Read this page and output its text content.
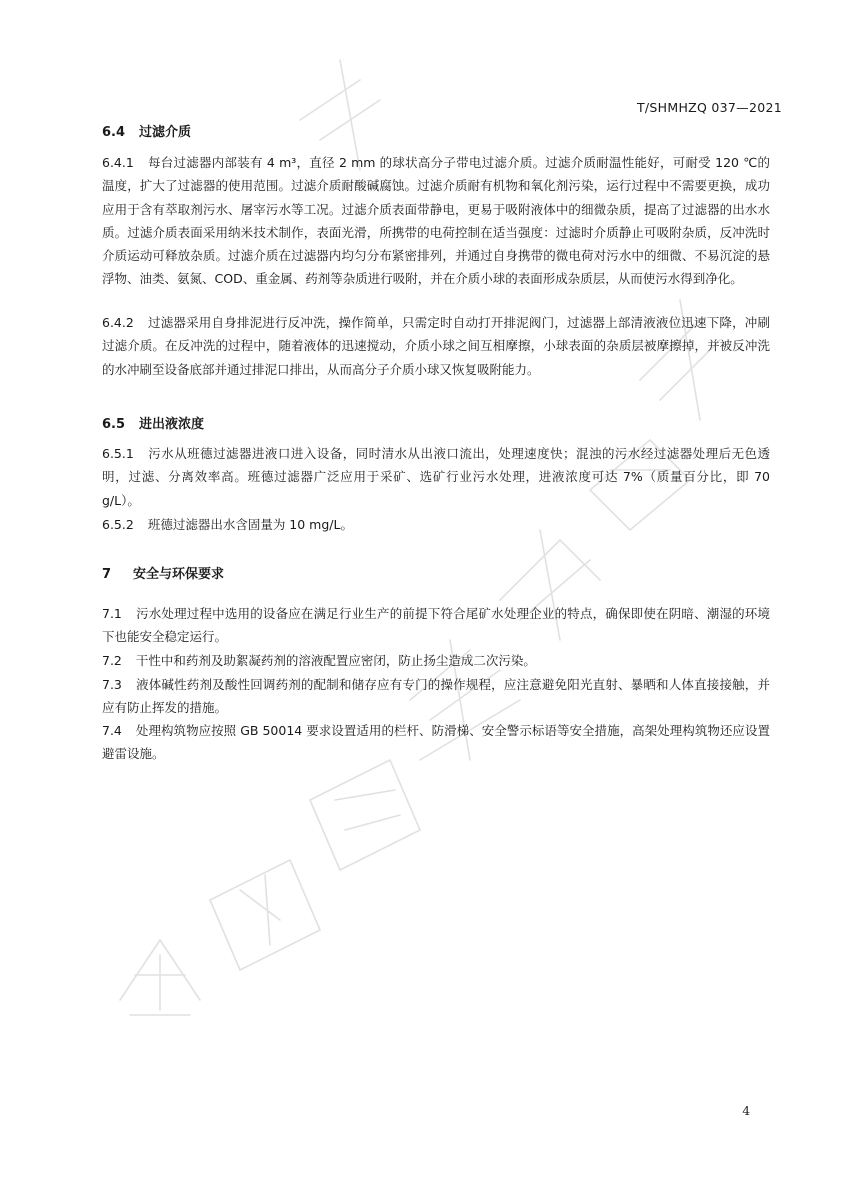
T/SHMHZQ 037—2021
6.4 过滤介质
6.4.1 每台过滤器内部装有 4 m³，直径 2 mm 的球状高分子带电过滤介质。过滤介质耐温性能好，可耐受 120 ℃的温度，扩大了过滤器的使用范围。过滤介质耐酸碱腐蚀。过滤介质耐有机物和氧化剂污染，运行过程中不需要更换，成功应用于含有萃取剂污水、屠宰污水等工况。过滤介质表面带静电，更易于吸附液体中的细微杂质，提高了过滤器的出水水质。过滤介质表面采用纳米技术制作，表面光滑，所携带的电荷控制在适当强度：过滤时介质静止可吸附杂质，反冲洗时介质运动可释放杂质。过滤介质在过滤器内均匀分布紧密排列，并通过自身携带的微电荷对污水中的细微、不易沉淀的悬浮物、油类、氨氮、COD、重金属、药剂等杂质进行吸附，并在介质小球的表面形成杂质层，从而使污水得到净化。
6.4.2 过滤器采用自身排泥进行反冲洗，操作简单，只需定时自动打开排泥阀门，过滤器上部清液液位迅速下降，冲刷过滤介质。在反冲洗的过程中，随着液体的迅速搅动，介质小球之间互相摩擦，小球表面的杂质层被摩擦掉，并被反冲洗的水冲刷至设备底部并通过排泥口排出，从而高分子介质小球又恢复吸附能力。
6.5 进出液浓度
6.5.1 污水从班德过滤器进液口进入设备，同时清水从出液口流出，处理速度快；混浊的污水经过滤器处理后无色透明，过滤、分离效率高。班德过滤器广泛应用于采矿、选矿行业污水处理，进液浓度可达 7%（质量百分比，即 70 g/L）。
6.5.2 班德过滤器出水含固量为 10 mg/L。
7 安全与环保要求
7.1 污水处理过程中选用的设备应在满足行业生产的前提下符合尾矿水处理企业的特点，确保即使在阴暗、潮湿的环境下也能安全稳定运行。
7.2 干性中和药剂及助絮凝药剂的溶液配置应密闭，防止扬尘造成二次污染。
7.3 液体碱性药剂及酸性回调药剂的配制和储存应有专门的操作规程，应注意避免阳光直射、暴晒和人体直接接触，并应有防止挥发的措施。
7.4 处理构筑物应按照 GB 50014 要求设置适用的栏杆、防滑梯、安全警示标语等安全措施，高架处理构筑物还应设置避雷设施。
4
